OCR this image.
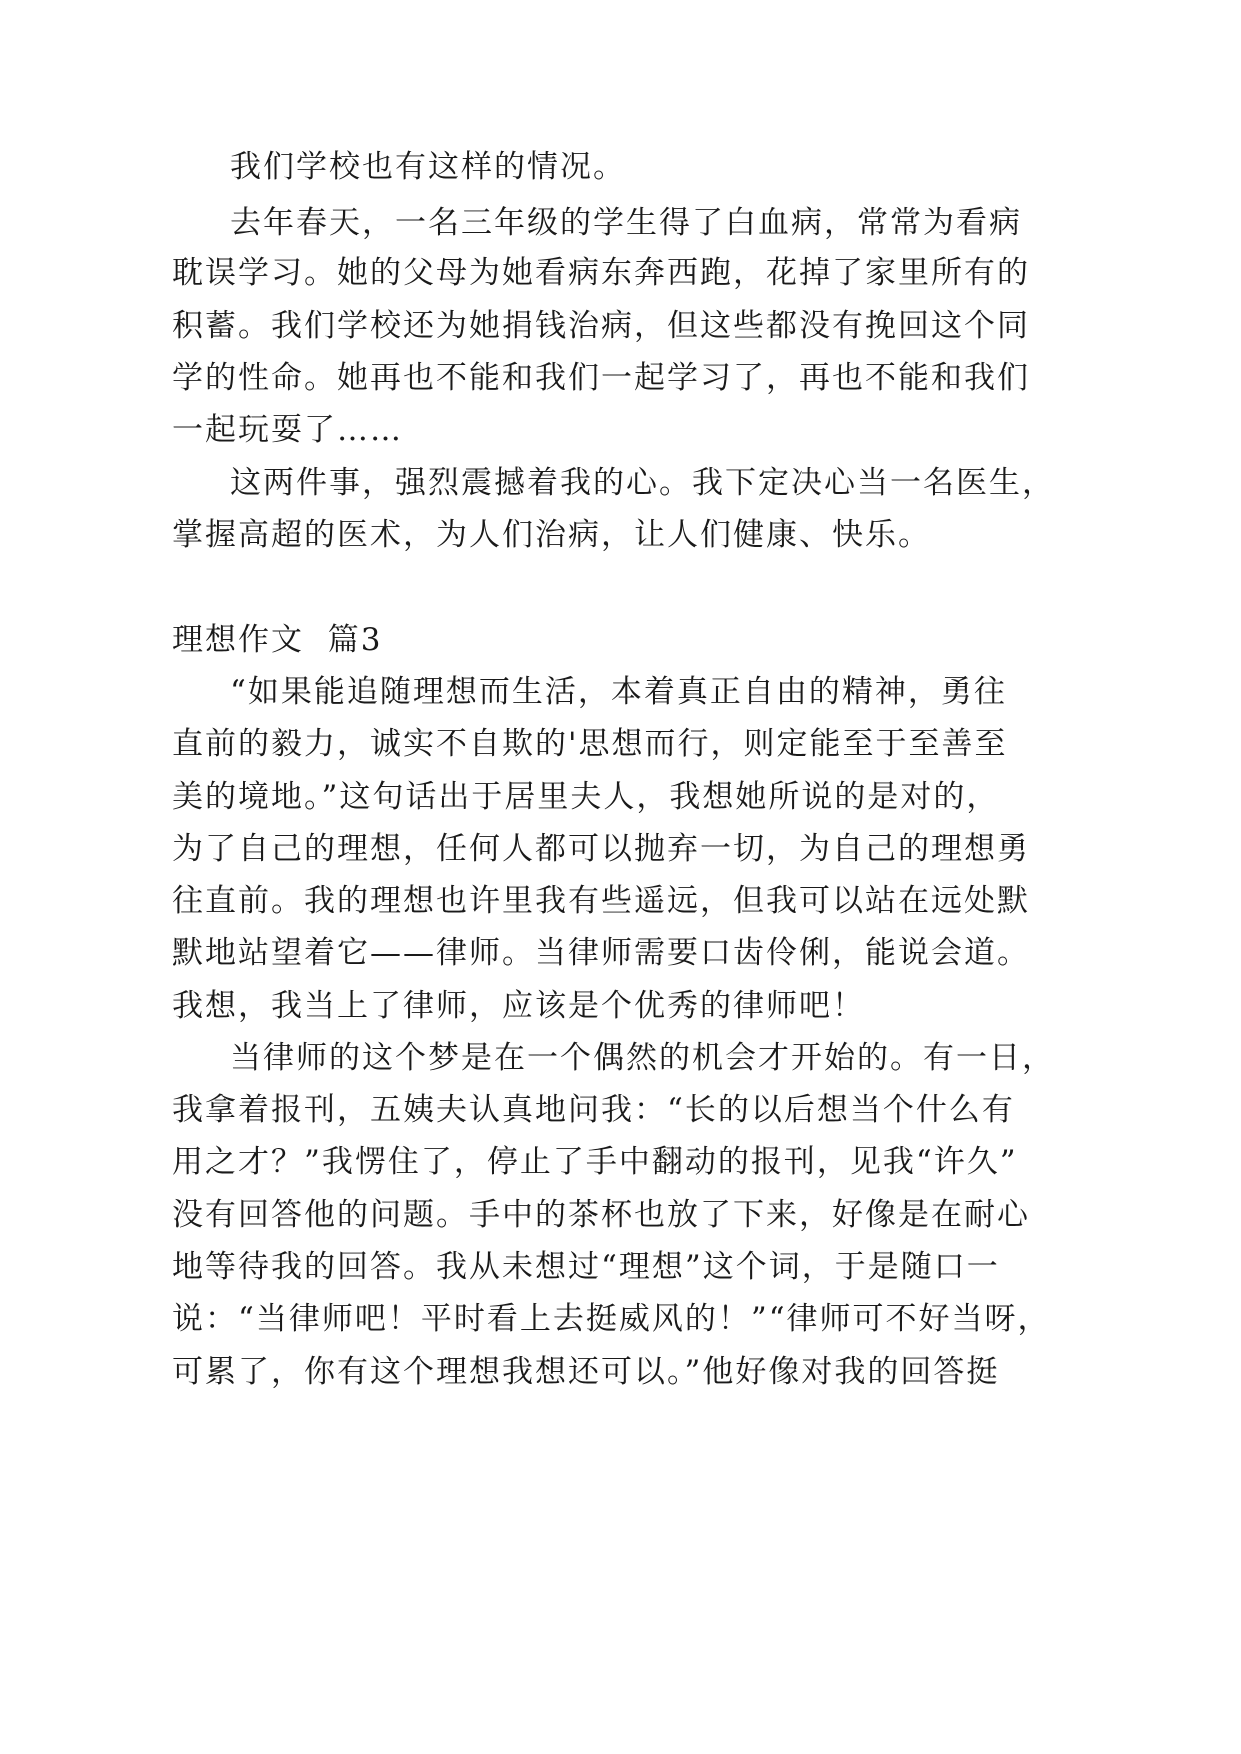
我们学校也有这样的情况。
去年春天，一名三年级的学生得了白血病，常常为看病
耽误学习。她的父母为她看病东奔西跑，花掉了家里所有的
积蓄。我们学校还为她捐钱治病，但这些都没有挽回这个同
学的性命。她再也不能和我们一起学习了，再也不能和我们
一起玩耍了……
这两件事，强烈震撼着我的心。我下定决心当一名医生，
掌握高超的医术，为人们治病，让人们健康、快乐。
理想作文  篇3
“如果能追随理想而生活，本着真正自由的精神，勇往
直前的毅力，诚实不自欺的'思想而行，则定能至于至善至
美的境地。”这句话出于居里夫人，我想她所说的是对的，
为了自己的理想，任何人都可以抛弃一切，为自己的理想勇
往直前。我的理想也许里我有些遥远，但我可以站在远处默
默地站望着它——律师。当律师需要口齿伶俐，能说会道。
我想，我当上了律师，应该是个优秀的律师吧！
当律师的这个梦是在一个偶然的机会才开始的。有一日，
我拿着报刊，五姨夫认真地问我：“长的以后想当个什么有
用之才？”我愣住了，停止了手中翻动的报刊，见我“许久”
没有回答他的问题。手中的茶杯也放了下来，好像是在耐心
地等待我的回答。我从未想过“理想”这个词，于是随口一
说：“当律师吧！平时看上去挺威风的！”“律师可不好当呀，
可累了，你有这个理想我想还可以。”他好像对我的回答挺
